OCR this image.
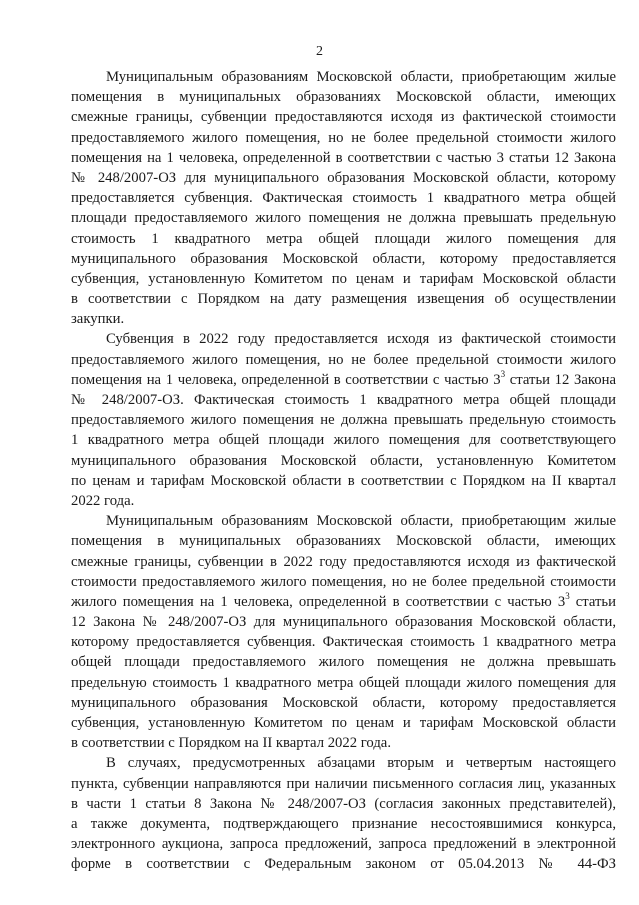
2
Муниципальным образованиям Московской области, приобретающим жилые
помещения в муниципальных образованиях Московской области, имеющих
смежные границы, субвенции предоставляются исходя из фактической стоимости
предоставляемого жилого помещения, но не более предельной стоимости жилого
помещения на 1 человека, определенной в соответствии с частью 3 статьи 12 Закона
№ 248/2007-ОЗ для муниципального образования Московской области, которому
предоставляется субвенция. Фактическая стоимость 1 квадратного метра общей
площади предоставляемого жилого помещения не должна превышать предельную
стоимость 1 квадратного метра общей площади жилого помещения для
муниципального образования Московской области, которому предоставляется
субвенция, установленную Комитетом по ценам и тарифам Московской области
в соответствии с Порядком на дату размещения извещения об осуществлении
закупки.
Субвенция в 2022 году предоставляется исходя из фактической стоимости
предоставляемого жилого помещения, но не более предельной стоимости жилого
помещения на 1 человека, определенной в соответствии с частью $3^3$ статьи 12 Закона
№ 248/2007-ОЗ. Фактическая стоимость 1 квадратного метра общей площади
предоставляемого жилого помещения не должна превышать предельную стоимость
1 квадратного метра общей площади жилого помещения для соответствующего
муниципального образования Московской области, установленную Комитетом
по ценам и тарифам Московской области в соответствии с Порядком на II квартал
2022 года.
Муниципальным образованиям Московской области, приобретающим жилые
помещения в муниципальных образованиях Московской области, имеющих
смежные границы, субвенции в 2022 году предоставляются исходя из фактической
стоимости предоставляемого жилого помещения, но не более предельной стоимости
жилого помещения на 1 человека, определенной в соответствии с частью $3^3$ статьи
12 Закона № 248/2007-ОЗ для муниципального образования Московской области,
которому предоставляется субвенция. Фактическая стоимость 1 квадратного метра
общей площади предоставляемого жилого помещения не должна превышать
предельную стоимость 1 квадратного метра общей площади жилого помещения для
муниципального образования Московской области, которому предоставляется
субвенция, установленную Комитетом по ценам и тарифам Московской области
в соответствии с Порядком на II квартал 2022 года.
В случаях, предусмотренных абзацами вторым и четвертым настоящего
пункта, субвенции направляются при наличии письменного согласия лиц, указанных
в части 1 статьи 8 Закона № 248/2007-ОЗ (согласия законных представителей),
а также документа, подтверждающего признание несостоявшимися конкурса,
электронного аукциона, запроса предложений, запроса предложений в электронной
форме в соответствии с Федеральным законом от 05.04.2013 № 44-ФЗ
